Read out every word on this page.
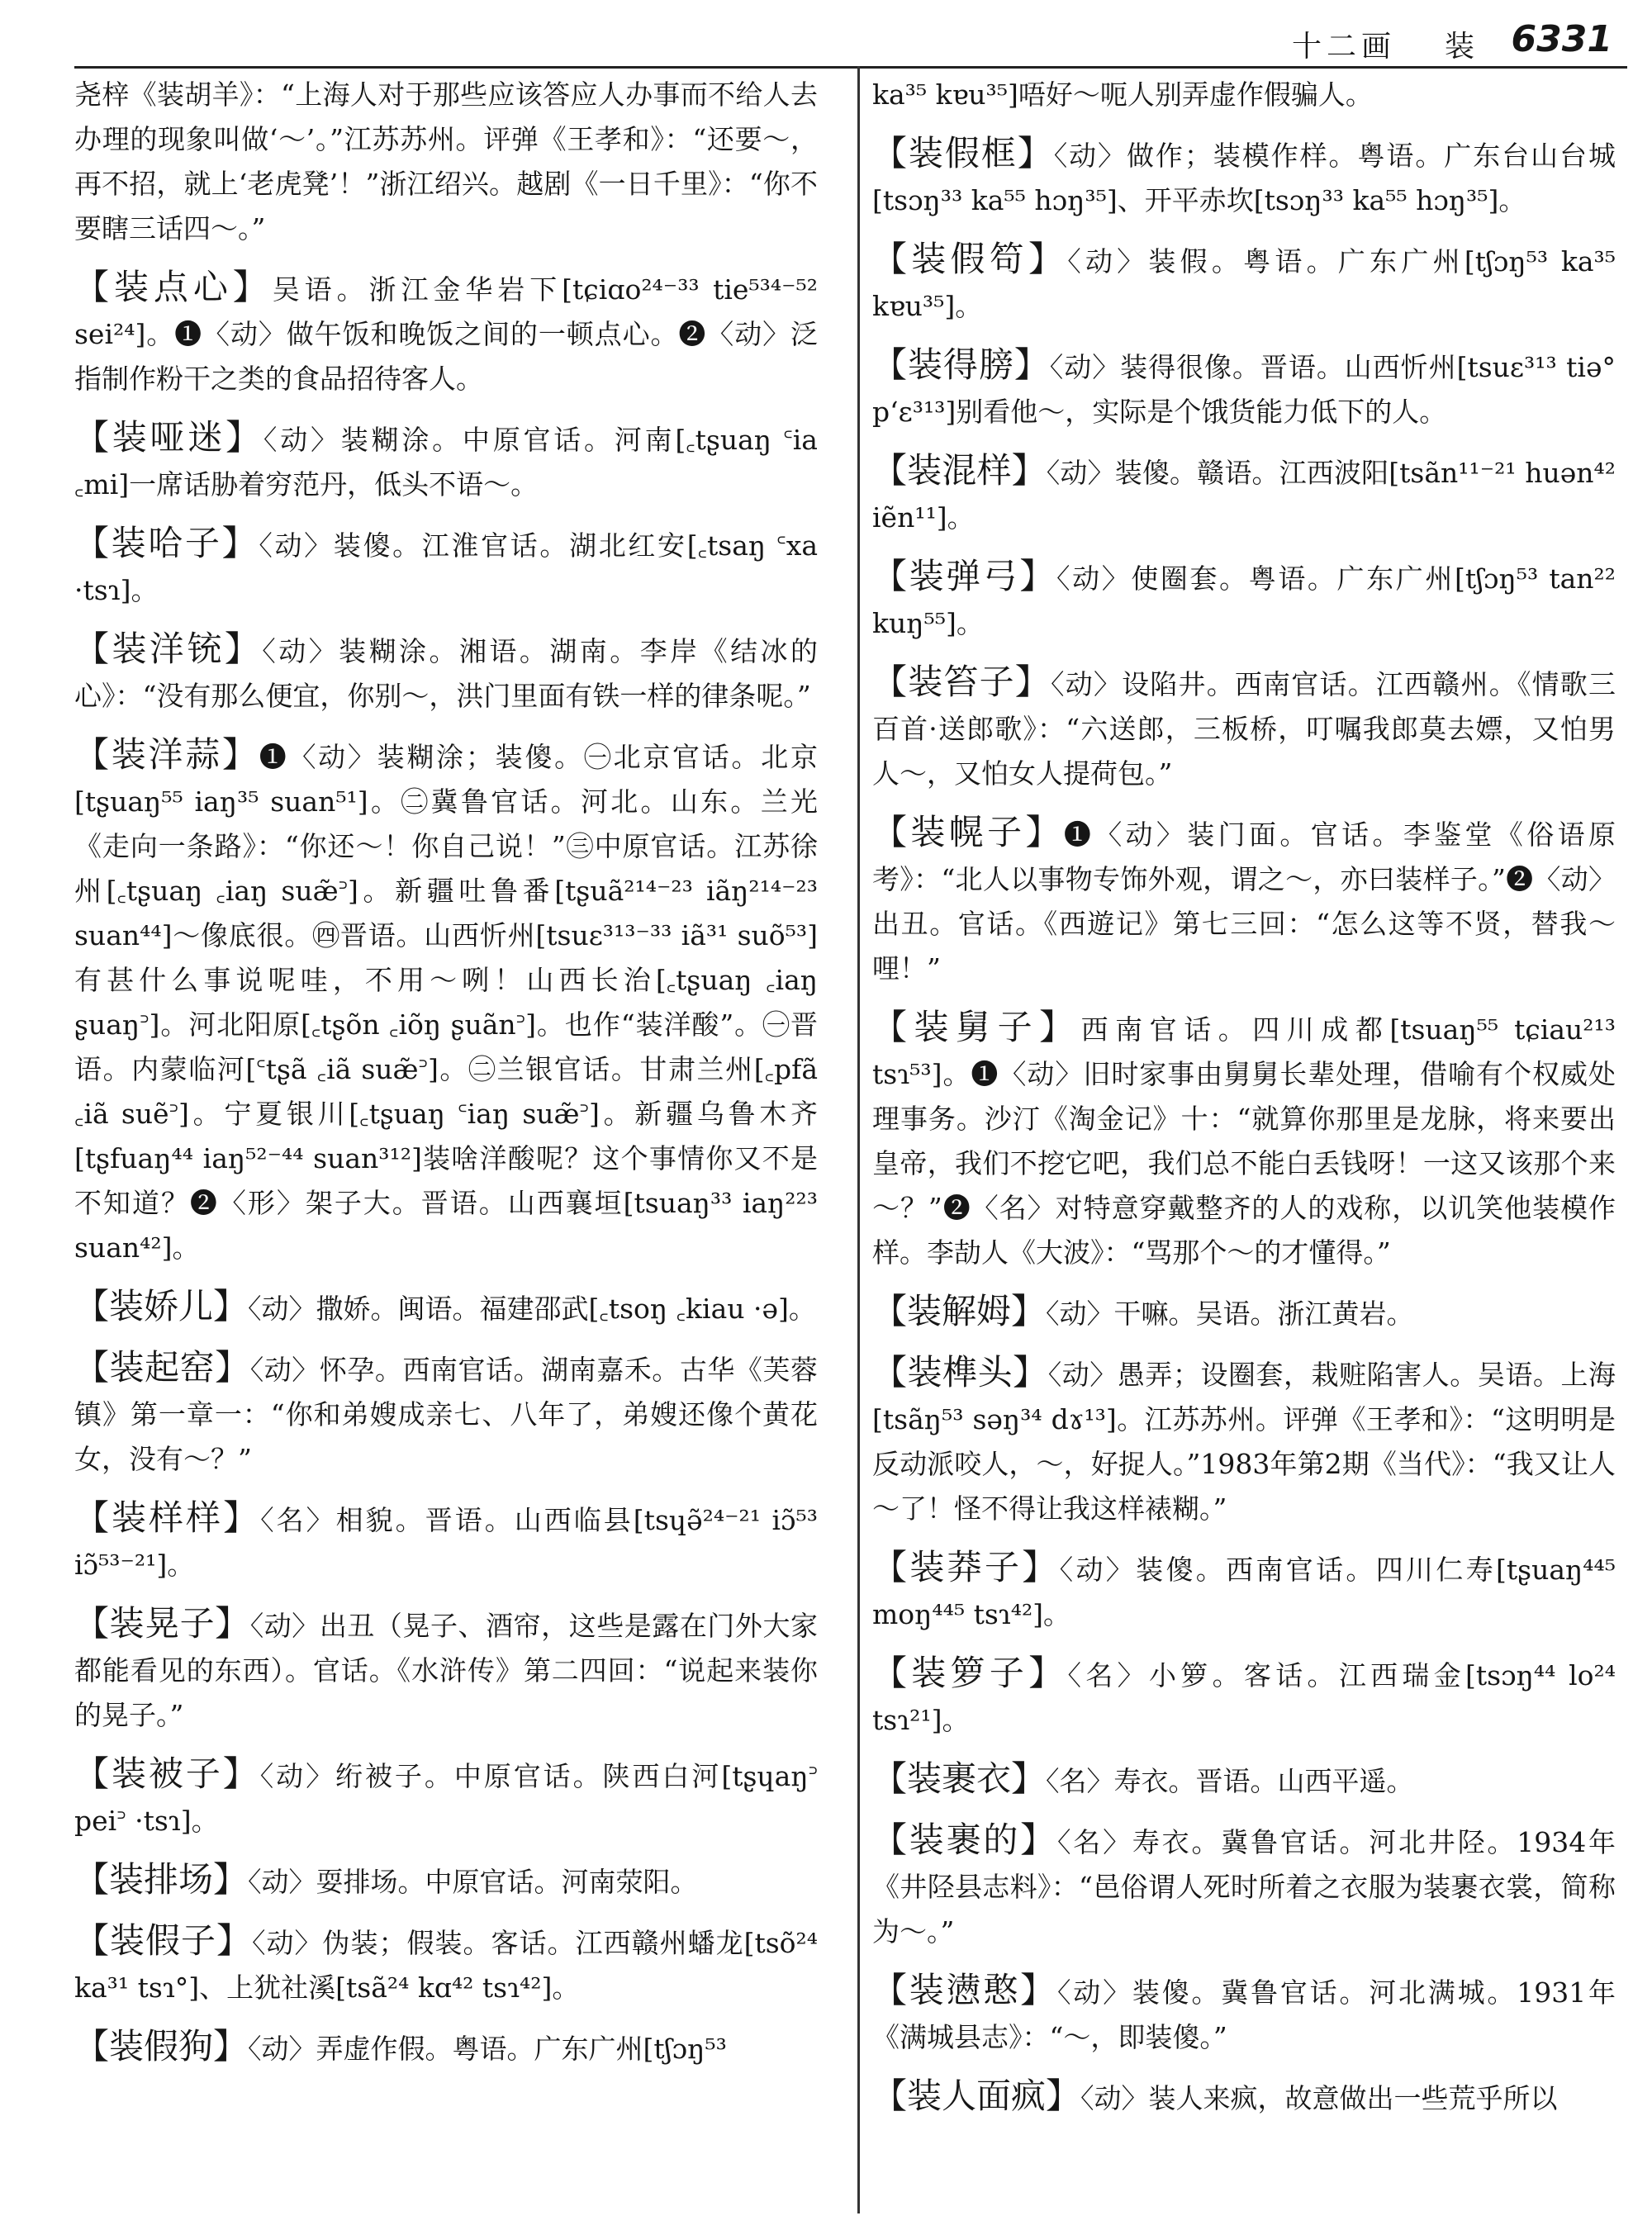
十二画 装 6331

尧梓《装胡羊》：“上海人对于那些应该答应人办事而不给人去办理的现象叫做‘～’。”江苏苏州。评弹《王孝和》：“还要～，再不招，就上‘老虎凳’！”浙江绍兴。越剧《一日千里》：“你不要瞎三话四～。”

【装点心】吴语。浙江金华岩下[tɕiɑo²⁴⁻³³ tie⁵³⁴⁻⁵² sei²⁴]。❶〈动〉做午饭和晚饭之间的一顿点心。❷〈动〉泛指制作粉干之类的食品招待客人。

【装哑迷】〈动〉装糊涂。中原官话。河南[꜀tʂuaŋ ꜂ia ꜀mi]一席话胁着穷范丹，低头不语～。

【装哈子】〈动〉装傻。江淮官话。湖北红安[꜀tsaŋ ꜂xa ·tsɿ]。

【装洋铳】〈动〉装糊涂。湘语。湖南。李岸《结冰的心》：“没有那么便宜，你别～，洪门里面有铁一样的律条呢。”

【装洋蒜】❶〈动〉装糊涂；装傻。㊀北京官话。北京[tʂuaŋ⁵⁵ iaŋ³⁵ suan⁵¹]。㊁冀鲁官话。河北。山东。兰光《走向一条路》：“你还～！你自己说！”㊂中原官话。江苏徐州[꜀tʂuaŋ ꜀iaŋ suæ̃꜄]。新疆吐鲁番[tʂuã²¹⁴⁻²³ iãŋ²¹⁴⁻²³ suan⁴⁴]～像底很。㊃晋语。山西忻州[tsuɛ³¹³⁻³³ iã³¹ suõ⁵³]有甚什么事说呢哇，不用～咧！山西长治[꜀tʂuaŋ ꜀iaŋ ʂuaŋ꜄]。河北阳原[꜀tʂõn ꜀iõŋ ʂuãn꜄]。也作“装洋酸”。㊀晋语。内蒙临河[꜂tʂã ꜀iã suæ̃꜄]。㊁兰银官话。甘肃兰州[꜀pfã ꜀iã suẽ꜄]。宁夏银川[꜀tʂuaŋ ꜂iaŋ suæ̃꜄]。新疆乌鲁木齐[tʂfuaŋ⁴⁴ iaŋ⁵²⁻⁴⁴ suan³¹²]装啥洋酸呢？这个事情你又不是不知道？❷〈形〉架子大。晋语。山西襄垣[tsuaŋ³³ iaŋ²²³ suan⁴²]。

【装娇儿】〈动〉撒娇。闽语。福建邵武[꜀tsoŋ ꜀kiau ·ə]。

【装起窑】〈动〉怀孕。西南官话。湖南嘉禾。古华《芙蓉镇》第一章一：“你和弟嫂成亲七、八年了，弟嫂还像个黄花女，没有～？”

【装样样】〈名〉相貌。晋语。山西临县[tsɥə̃²⁴⁻²¹ iɔ̃⁵³ iɔ̃⁵³⁻²¹]。

【装晃子】〈动〉出丑（晃子、酒帘，这些是露在门外大家都能看见的东西）。官话。《水浒传》第二四回：“说起来装你的晃子。”

【装被子】〈动〉绗被子。中原官话。陕西白河[tʂɥaŋ꜄ pei꜄ ·tsɿ]。

【装排场】〈动〉耍排场。中原官话。河南荥阳。

【装假子】〈动〉伪装；假装。客话。江西赣州蟠龙[tsõ²⁴ ka³¹ tsɿ°]、上犹社溪[tsã²⁴ kɑ⁴² tsɿ⁴²]。

【装假狗】〈动〉弄虚作假。粤语。广东广州[tʃɔŋ⁵³

ka³⁵ kɐu³⁵]唔好～呃人别弄虚作假骗人。

【装假框】〈动〉做作；装模作样。粤语。广东台山台城[tsɔŋ³³ ka⁵⁵ hɔŋ³⁵]、开平赤坎[tsɔŋ³³ ka⁵⁵ hɔŋ³⁵]。

【装假笱】〈动〉装假。粤语。广东广州[tʃɔŋ⁵³ ka³⁵ kɐu³⁵]。

【装得膀】〈动〉装得很像。晋语。山西忻州[tsuɛ³¹³ tiə° pʻɛ³¹³]别看他～，实际是个饿货能力低下的人。

【装混样】〈动〉装傻。赣语。江西波阳[tsãn¹¹⁻²¹ huən⁴² iẽn¹¹]。

【装弹弓】〈动〉使圈套。粤语。广东广州[tʃɔŋ⁵³ tan²² kuŋ⁵⁵]。

【装笞子】〈动〉设陷井。西南官话。江西赣州。《情歌三百首·送郎歌》：“六送郎，三板桥，叮嘱我郎莫去嫖，又怕男人～，又怕女人提荷包。”

【装幌子】❶〈动〉装门面。官话。李鉴堂《俗语原考》：“北人以事物专饰外观，谓之～，亦曰装样子。”❷〈动〉出丑。官话。《西遊记》第七三回：“怎么这等不贤，替我～哩！”

【装舅子】西南官话。四川成都[tsuaŋ⁵⁵ tɕiau²¹³ tsɿ⁵³]。❶〈动〉旧时家事由舅舅长辈处理，借喻有个权威处理事务。沙汀《淘金记》十：“就算你那里是龙脉，将来要出皇帝，我们不挖它吧，我们总不能白丢钱呀！一这又该那个来～？”❷〈名〉对特意穿戴整齐的人的戏称，以讥笑他装模作样。李劼人《大波》：“骂那个～的才懂得。”

【装解姆】〈动〉干嘛。吴语。浙江黄岩。

【装榫头】〈动〉愚弄；设圈套，栽赃陷害人。吴语。上海[tsãŋ⁵³ səŋ³⁴ dɤ¹³]。江苏苏州。评弹《王孝和》：“这明明是反动派咬人，～，好捉人。”1983年第2期《当代》：“我又让人～了！怪不得让我这样裱糊。”

【装莽子】〈动〉装傻。西南官话。四川仁寿[tʂuaŋ⁴⁴⁵ moŋ⁴⁴⁵ tsɿ⁴²]。

【装箩子】〈名〉小箩。客话。江西瑞金[tsɔŋ⁴⁴ lo²⁴ tsɿ²¹]。

【装裹衣】〈名〉寿衣。晋语。山西平遥。

【装裹的】〈名〉寿衣。冀鲁官话。河北井陉。1934年《井陉县志料》：“邑俗谓人死时所着之衣服为装裹衣裳，简称为～。”

【装懑憨】〈动〉装傻。冀鲁官话。河北满城。1931年《满城县志》：“～，即装傻。”

【装人面疯】〈动〉装人来疯，故意做出一些荒乎所以
